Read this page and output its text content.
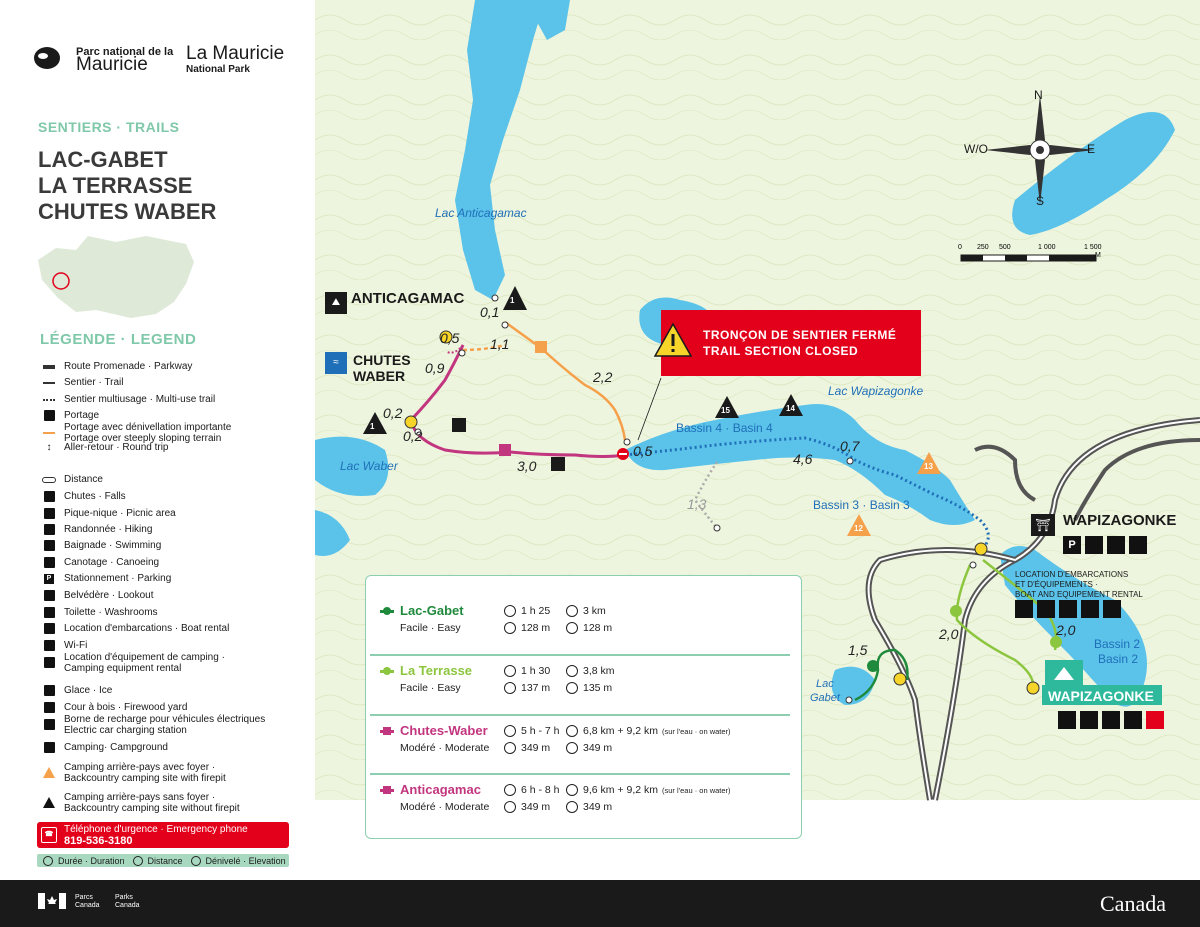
Parc national de la
Mauricie
La Mauricie
National Park
SENTIERS · TRAILS
LAC-GABET
LA TERRASSE
CHUTES WABER
LÉGENDE · LEGEND
Route Promenade · Parkway
Sentier · Trail
Sentier multiusage · Multi-use trail
Portage
Portage avec dénivellation importante
Portage over steeply sloping terrain
↕	Aller-retour · Round trip
Distance
Chutes · Falls
Pique-nique · Picnic area
Randonnée · Hiking
Baignade · Swimming
Canotage · Canoeing
P Stationnement · Parking
Belvédère · Lookout
Toilette · Washrooms
Location d'embarcations · Boat rental
Wi-Fi
Location d'équipement de camping ·
Camping equipment rental
Glace · Ice
Cour à bois · Firewood yard
Borne de recharge pour véhicules électriques
Electric car charging station
Camping· Campground
Camping arrière-pays avec foyer ·
Backcountry camping site with firepit
Camping arrière-pays sans foyer ·
Backcountry camping site without firepit
☎	Téléphone d'urgence · Emergency phone
819-536-3180
Durée · Duration	Distance	Dénivelé · Elevation
Lac Anticagamac
Lac Wapizagonke
Lac Waber
Bassin 4 · Basin 4
Bassin 3 · Basin 3
Bassin 2
Basin 2
Lac
Gabet
⛰ ANTICAGAMAC
≈	CHUTES
WABER
⛩ WAPIZAGONKE
P
LOCATION D'EMBARCATIONS
ET D'ÉQUIPEMENTS ·
BOAT AND EQUIPEMENT RENTAL
WAPIZAGONKE
0,1
0,5 1,1
0,9
0,2
0,2
2,2
3,0
0,5
1,3
4,6
0,7
2,0	2,0
1,5
1
1
15	14
13
12
N
S
E
W/O
0 250 500	1 000	1 500
M
TRONÇON DE SENTIER FERMÉ
TRAIL SECTION CLOSED
Lac-Gabet
Facile · Easy
1 h 25	3 km
128 m	128 m
La Terrasse
Facile · Easy
1 h 30	3,8 km
137 m	135 m
Chutes-Waber
Modéré · Moderate
5 h - 7 h 6,8 km + 9,2 km (sur l'eau · on water)
349 m	349 m
Anticagamac
Modéré · Moderate
6 h - 8 h 9,6 km + 9,2 km (sur l'eau · on water)
349 m	349 m
Parcs
Canada
Parks
Canada	Canada
